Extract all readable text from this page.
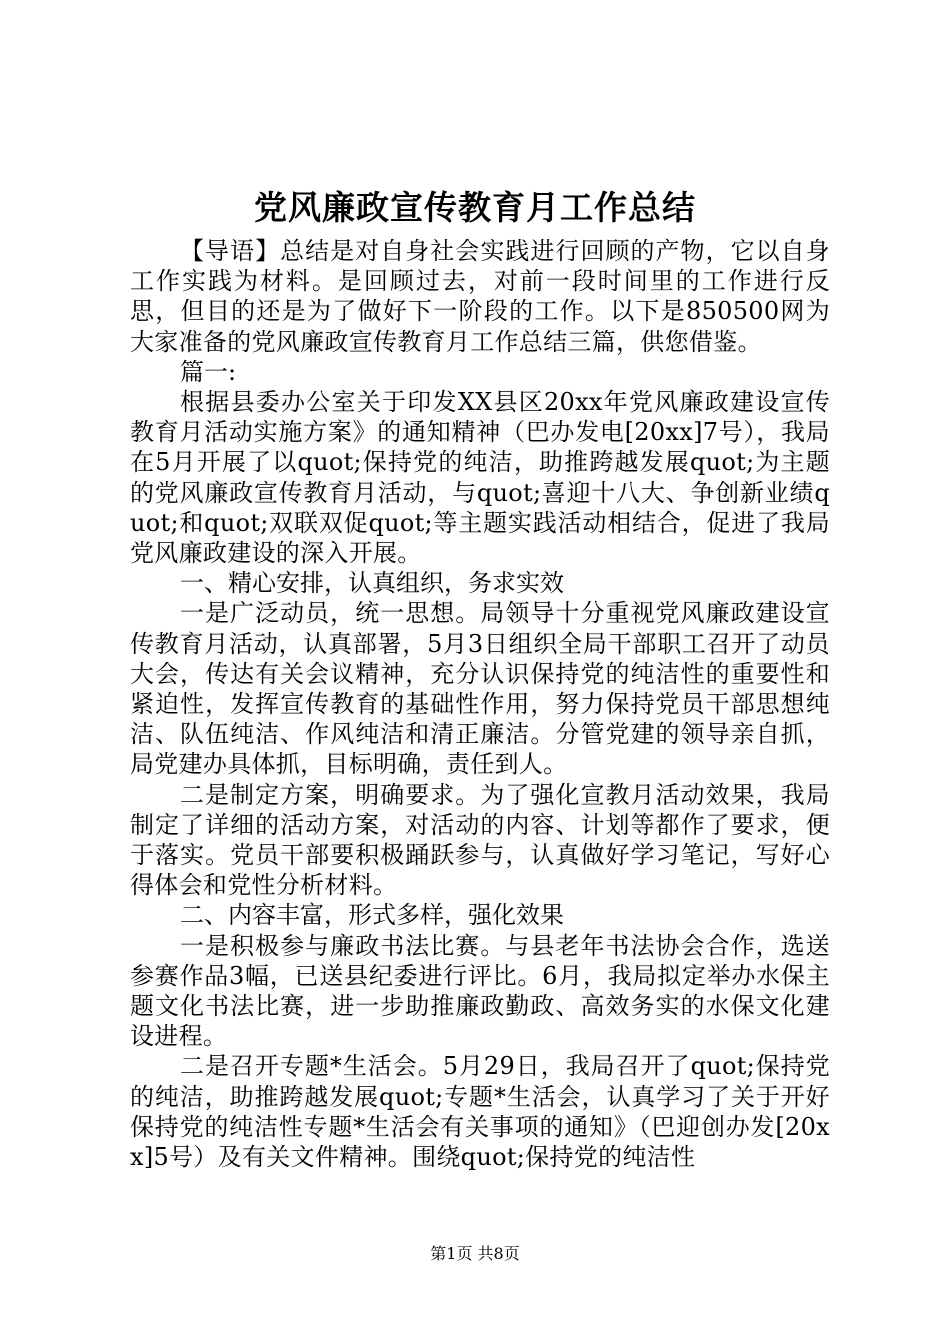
党风廉政宣传教育月工作总结

【导语】总结是对自身社会实践进行回顾的产物，它以自身工作实践为材料。是回顾过去，对前一段时间里的工作进行反思，但目的还是为了做好下一阶段的工作。以下是850500网为大家准备的党风廉政宣传教育月工作总结三篇，供您借鉴。

篇一:

根据县委办公室关于印发XX县区20xx年党风廉政建设宣传教育月活动实施方案》的通知精神（巴办发电[20xx]7号），我局在5月开展了以quot;保持党的纯洁，助推跨越发展quot;为主题的党风廉政宣传教育月活动，与quot;喜迎十八大、争创新业绩quot;和quot;双联双促quot;等主题实践活动相结合，促进了我局党风廉政建设的深入开展。

一、精心安排，认真组织，务求实效

一是广泛动员，统一思想。局领导十分重视党风廉政建设宣传教育月活动，认真部署，5月3日组织全局干部职工召开了动员大会，传达有关会议精神，充分认识保持党的纯洁性的重要性和紧迫性，发挥宣传教育的基础性作用，努力保持党员干部思想纯洁、队伍纯洁、作风纯洁和清正廉洁。分管党建的领导亲自抓，局党建办具体抓，目标明确，责任到人。

二是制定方案，明确要求。为了强化宣教月活动效果，我局制定了详细的活动方案，对活动的内容、计划等都作了要求，便于落实。党员干部要积极踊跃参与，认真做好学习笔记，写好心得体会和党性分析材料。

二、内容丰富，形式多样，强化效果

一是积极参与廉政书法比赛。与县老年书法协会合作，选送参赛作品3幅，已送县纪委进行评比。6月，我局拟定举办水保主题文化书法比赛，进一步助推廉政勤政、高效务实的水保文化建设进程。

二是召开专题*生活会。5月29日，我局召开了quot;保持党的纯洁，助推跨越发展quot;专题*生活会，认真学习了关于开好保持党的纯洁性专题*生活会有关事项的通知》（巴迎创办发[20xx]5号）及有关文件精神。围绕quot;保持党的纯洁性

第1页 共8页
